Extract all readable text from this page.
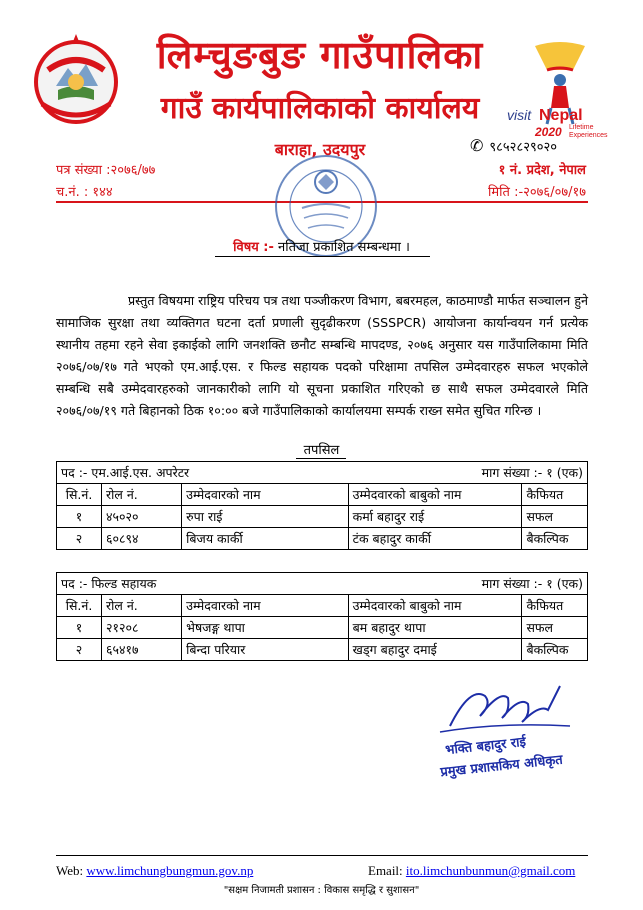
visit Nepal
2020 Lifetime
Experiences
लिम्चुङबुङ गाउँपालिका
गाउँ कार्यपालिकाको कार्यालय
बाराहा, उदयपुर	✆ ९८५२८२९०२०
पत्र संख्या :२०७६/७७	१ नं. प्रदेश, नेपाल
च.नं. : १४४	मिति :-२०७६/०७/१७
विषय :- नतिजा प्रकाशित सम्बन्धमा ।
प्रस्तुत विषयमा राष्ट्रिय परिचय पत्र तथा पञ्जीकरण विभाग, बबरमहल, काठमाण्डौ मार्फत सञ्चालन हुने सामाजिक सुरक्षा तथा व्यक्तिगत घटना दर्ता प्रणाली सुदृढीकरण (SSSPCR) आयोजना कार्यान्वयन गर्न प्रत्येक स्थानीय तहमा रहने सेवा इकाईको लागि जनशक्ति छनौट सम्बन्धि मापदण्ड, २०७६ अनुसार यस गाउँपालिकामा मिति २०७६/०७/१७ गते भएको एम.आई.एस. र फिल्ड सहायक पदको परिक्षामा तपसिल उम्मेदवारहरु सफल भएकोले सम्बन्धि सबै उम्मेदवारहरुको जानकारीको लागि यो सूचना प्रकाशित गरिएको छ साथै सफल उम्मेदवारले मिति २०७६/०७/१९ गते बिहानको ठिक १०:०० बजे गाउँपालिकाको कार्यालयमा सम्पर्क राख्न समेत सुचित गरिन्छ ।
तपसिल
पद :- एम.आई.एस. अपरेटर माग संख्या :- १ (एक)				

सि.नं.	रोल नं.	उम्मेदवारको नाम	उम्मेदवारको बाबुको नाम	कैफियत
१	४५०२०	रुपा राई	कर्मा बहादुर राई	सफल
२	६०८९४	बिजय कार्की	टंक बहादुर कार्की	बैकल्पिक
पद :- फिल्ड सहायक माग संख्या :- १ (एक)				

सि.नं.	रोल नं.	उम्मेदवारको नाम	उम्मेदवारको बाबुको नाम	कैफियत
१	२१२०८	भेषजङ्ग थापा	बम बहादुर थापा	सफल
२	६५४१७	बिन्दा परियार	खड्ग बहादुर दमाई	बैकल्पिक
भक्ति बहादुर राई
प्रमुख प्रशासकिय अधिकृत
Web: www.limchungbungmun.gov.np	Email: ito.limchunbunmun@gmail.com
"सक्षम निजामती प्रशासन : विकास समृद्धि र सुशासन"
